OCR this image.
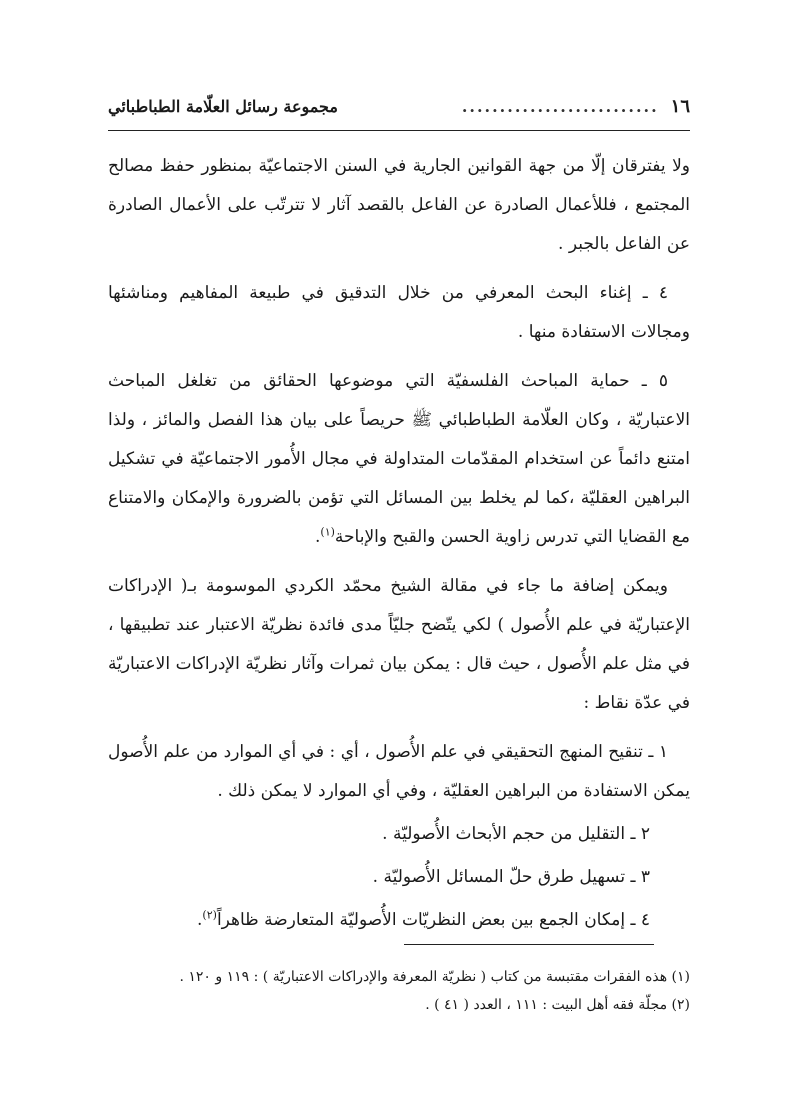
١٦
..........................
مجموعة رسائل العلّامة الطباطبائي

ولا يفترقان إلّا من جهة القوانين الجارية في السنن الاجتماعيّة بمنظور حفظ مصالح المجتمع ، فللأعمال الصادرة عن الفاعل بالقصد آثار لا تترتّب على الأعمال الصادرة عن الفاعل بالجبر .

٤ ـ إغناء البحث المعرفي من خلال التدقيق في طبيعة المفاهيم ومناشئها ومجالات الاستفادة منها .

٥ ـ حماية المباحث الفلسفيّة التي موضوعها الحقائق من تغلغل المباحث الاعتباريّة ، وكان العلّامة الطباطبائي ﷺ حريصاً على بيان هذا الفصل والمائز ، ولذا امتنع دائماً عن استخدام المقدّمات المتداولة في مجال الأُمور الاجتماعيّة في تشكيل البراهين العقليّة ،كما لم يخلط بين المسائل التي تؤمن بالضرورة والإمكان والامتناع مع القضايا التي تدرس زاوية الحسن والقبح والإباحة$^{(١)}$.

ويمكن إضافة ما جاء في مقالة الشيخ محمّد الكردي الموسومة بـ( الإدراكات الإعتباريّة في علم الأُصول ) لكي يتّضح جليّاً مدى فائدة نظريّة الاعتبار عند تطبيقها ، في مثل علم الأُصول ، حيث قال : يمكن بيان ثمرات وآثار نظريّة الإدراكات الاعتباريّة في عدّة نقاط :

١ ـ تنقيح المنهج التحقيقي في علم الأُصول ، أي : في أي الموارد من علم الأُصول يمكن الاستفادة من البراهين العقليّة ، وفي أي الموارد لا يمكن ذلك .

٢ ـ التقليل من حجم الأبحاث الأُصوليّة .

٣ ـ تسهيل طرق حلّ المسائل الأُصوليّة .

٤ ـ إمكان الجمع بين بعض النظريّات الأُصوليّة المتعارضة ظاهراً$^{(٢)}$.

(١) هذه الفقرات مقتبسة من كتاب ( نظريّة المعرفة والإدراكات الاعتباريّة ) : ١١٩ و ١٢٠ .
(٢) مجلّة فقه أهل البيت : ١١١ ، العدد ( ٤١ ) .
